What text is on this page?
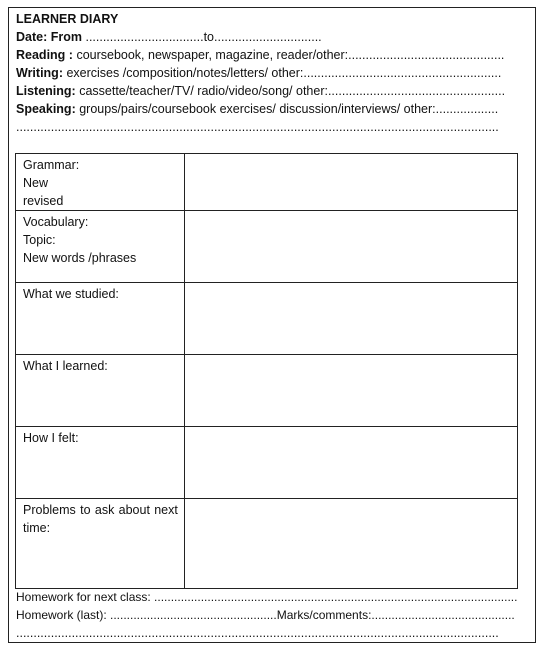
LEARNER DIARY
Date: From ..................................to...............................
Reading : coursebook, newspaper, magazine, reader/other:.............................................
Writing: exercises /composition/notes/letters/ other:.........................................................
Listening: cassette/teacher/TV/ radio/video/song/ other:...................................................
Speaking: groups/pairs/coursebook exercises/ discussion/interviews/ other:..................
...........................................................................................................................................
Grammar:
New
revised	

Vocabulary:
Topic:
New words /phrases	

What we studied:	

What I learned:	

How I felt:	

Problems to ask about next time:	

Homework for next class: .............................................................................................................
Homework (last): ..................................................Marks/comments:...........................................
...........................................................................................................................................
